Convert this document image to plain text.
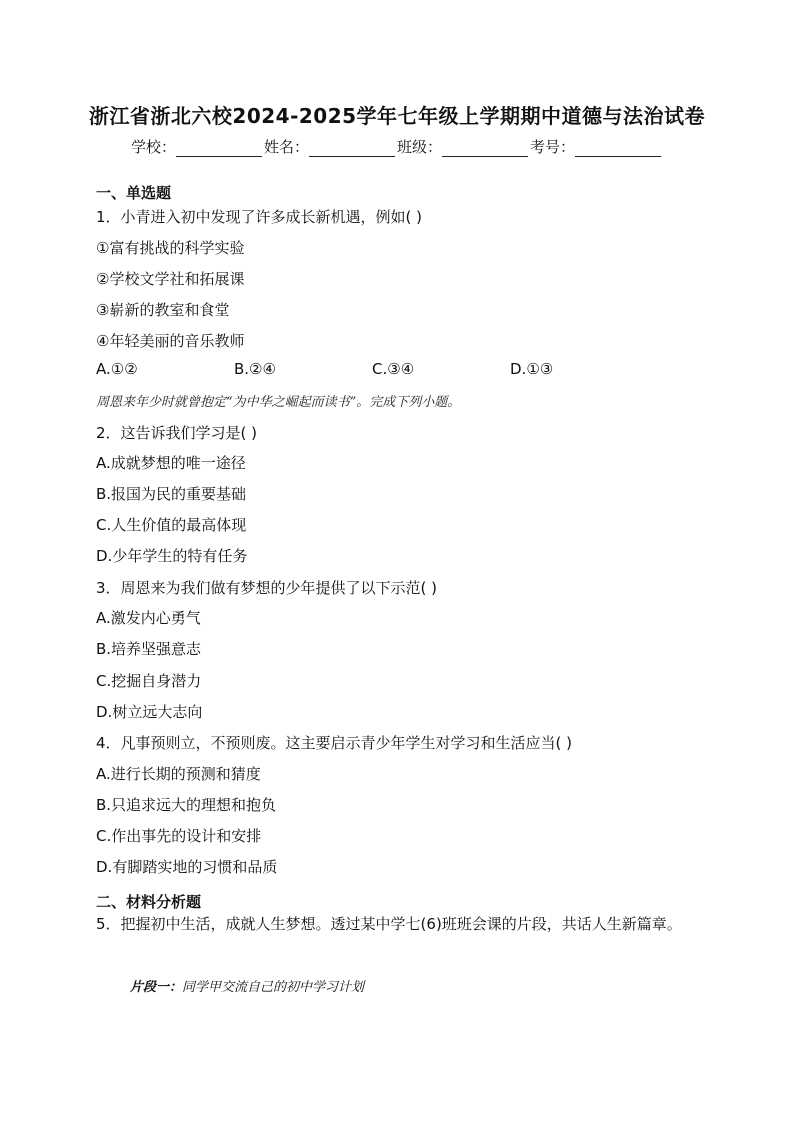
浙江省浙北六校2024-2025学年七年级上学期期中道德与法治试卷
学校：	姓名：	班级：	考号：
一、单选题
1．小青进入初中发现了许多成长新机遇，例如( )
①富有挑战的科学实验
②学校文学社和拓展课
③崭新的教室和食堂
④年轻美丽的音乐教师
A.①②	B.②④	C.③④	D.①③
周恩来年少时就曾抱定“为中华之崛起而读书”。完成下列小题。
2．这告诉我们学习是( )
A.成就梦想的唯一途径
B.报国为民的重要基础
C.人生价值的最高体现
D.少年学生的特有任务
3．周恩来为我们做有梦想的少年提供了以下示范( )
A.激发内心勇气
B.培养坚强意志
C.挖掘自身潜力
D.树立远大志向
4．凡事预则立，不预则废。这主要启示青少年学生对学习和生活应当( )
A.进行长期的预测和猜度
B.只追求远大的理想和抱负
C.作出事先的设计和安排
D.有脚踏实地的习惯和品质
二、材料分析题
5．把握初中生活，成就人生梦想。透过某中学七(6)班班会课的片段，共话人生新篇章。
片段一：同学甲交流自己的初中学习计划
